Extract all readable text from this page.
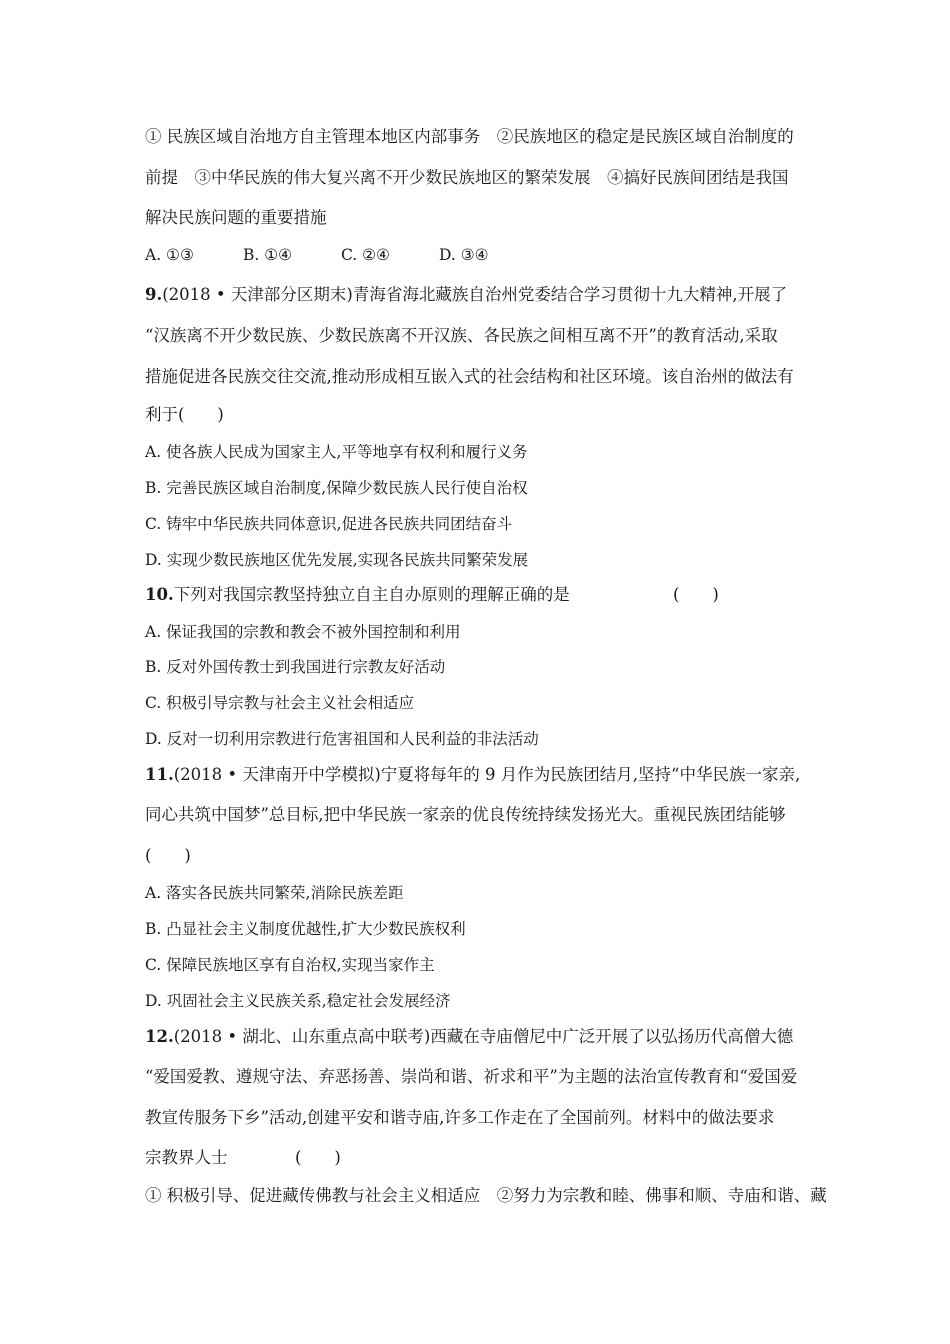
① 民族区域自治地方自主管理本地区内部事务　②民族地区的稳定是民族区域自治制度的
前提　③中华民族的伟大复兴离不开少数民族地区的繁荣发展　④搞好民族间团结是我国
解决民族问题的重要措施
A. ①③	B. ①④	C. ②④	D. ③④
9.(2018 • 天津部分区期末)青海省海北藏族自治州党委结合学习贯彻十九大精神,开展了
“汉族离不开少数民族、少数民族离不开汉族、各民族之间相互离不开”的教育活动,采取
措施促进各民族交往交流,推动形成相互嵌入式的社会结构和社区环境。该自治州的做法有
利于(　　)
A. 使各族人民成为国家主人,平等地享有权利和履行义务
B. 完善民族区域自治制度,保障少数民族人民行使自治权
C. 铸牢中华民族共同体意识,促进各民族共同团结奋斗
D. 实现少数民族地区优先发展,实现各民族共同繁荣发展
10.下列对我国宗教坚持独立自主自办原则的理解正确的是	(　　)
A. 保证我国的宗教和教会不被外国控制和利用
B. 反对外国传教士到我国进行宗教友好活动
C. 积极引导宗教与社会主义社会相适应
D. 反对一切利用宗教进行危害祖国和人民利益的非法活动
11.(2018 • 天津南开中学模拟)宁夏将每年的 9 月作为民族团结月,坚持“中华民族一家亲,
同心共筑中国梦”总目标,把中华民族一家亲的优良传统持续发扬光大。重视民族团结能够
(　　)
A. 落实各民族共同繁荣,消除民族差距
B. 凸显社会主义制度优越性,扩大少数民族权利
C. 保障民族地区享有自治权,实现当家作主
D. 巩固社会主义民族关系,稳定社会发展经济
12.(2018 • 湖北、山东重点高中联考)西藏在寺庙僧尼中广泛开展了以弘扬历代高僧大德
“爱国爱教、遵规守法、弃恶扬善、崇尚和谐、祈求和平”为主题的法治宣传教育和“爱国爱
教宣传服务下乡”活动,创建平安和谐寺庙,许多工作走在了全国前列。材料中的做法要求
宗教界人士	(　　)
① 积极引导、促进藏传佛教与社会主义相适应　②努力为宗教和睦、佛事和顺、寺庙和谐、藏
